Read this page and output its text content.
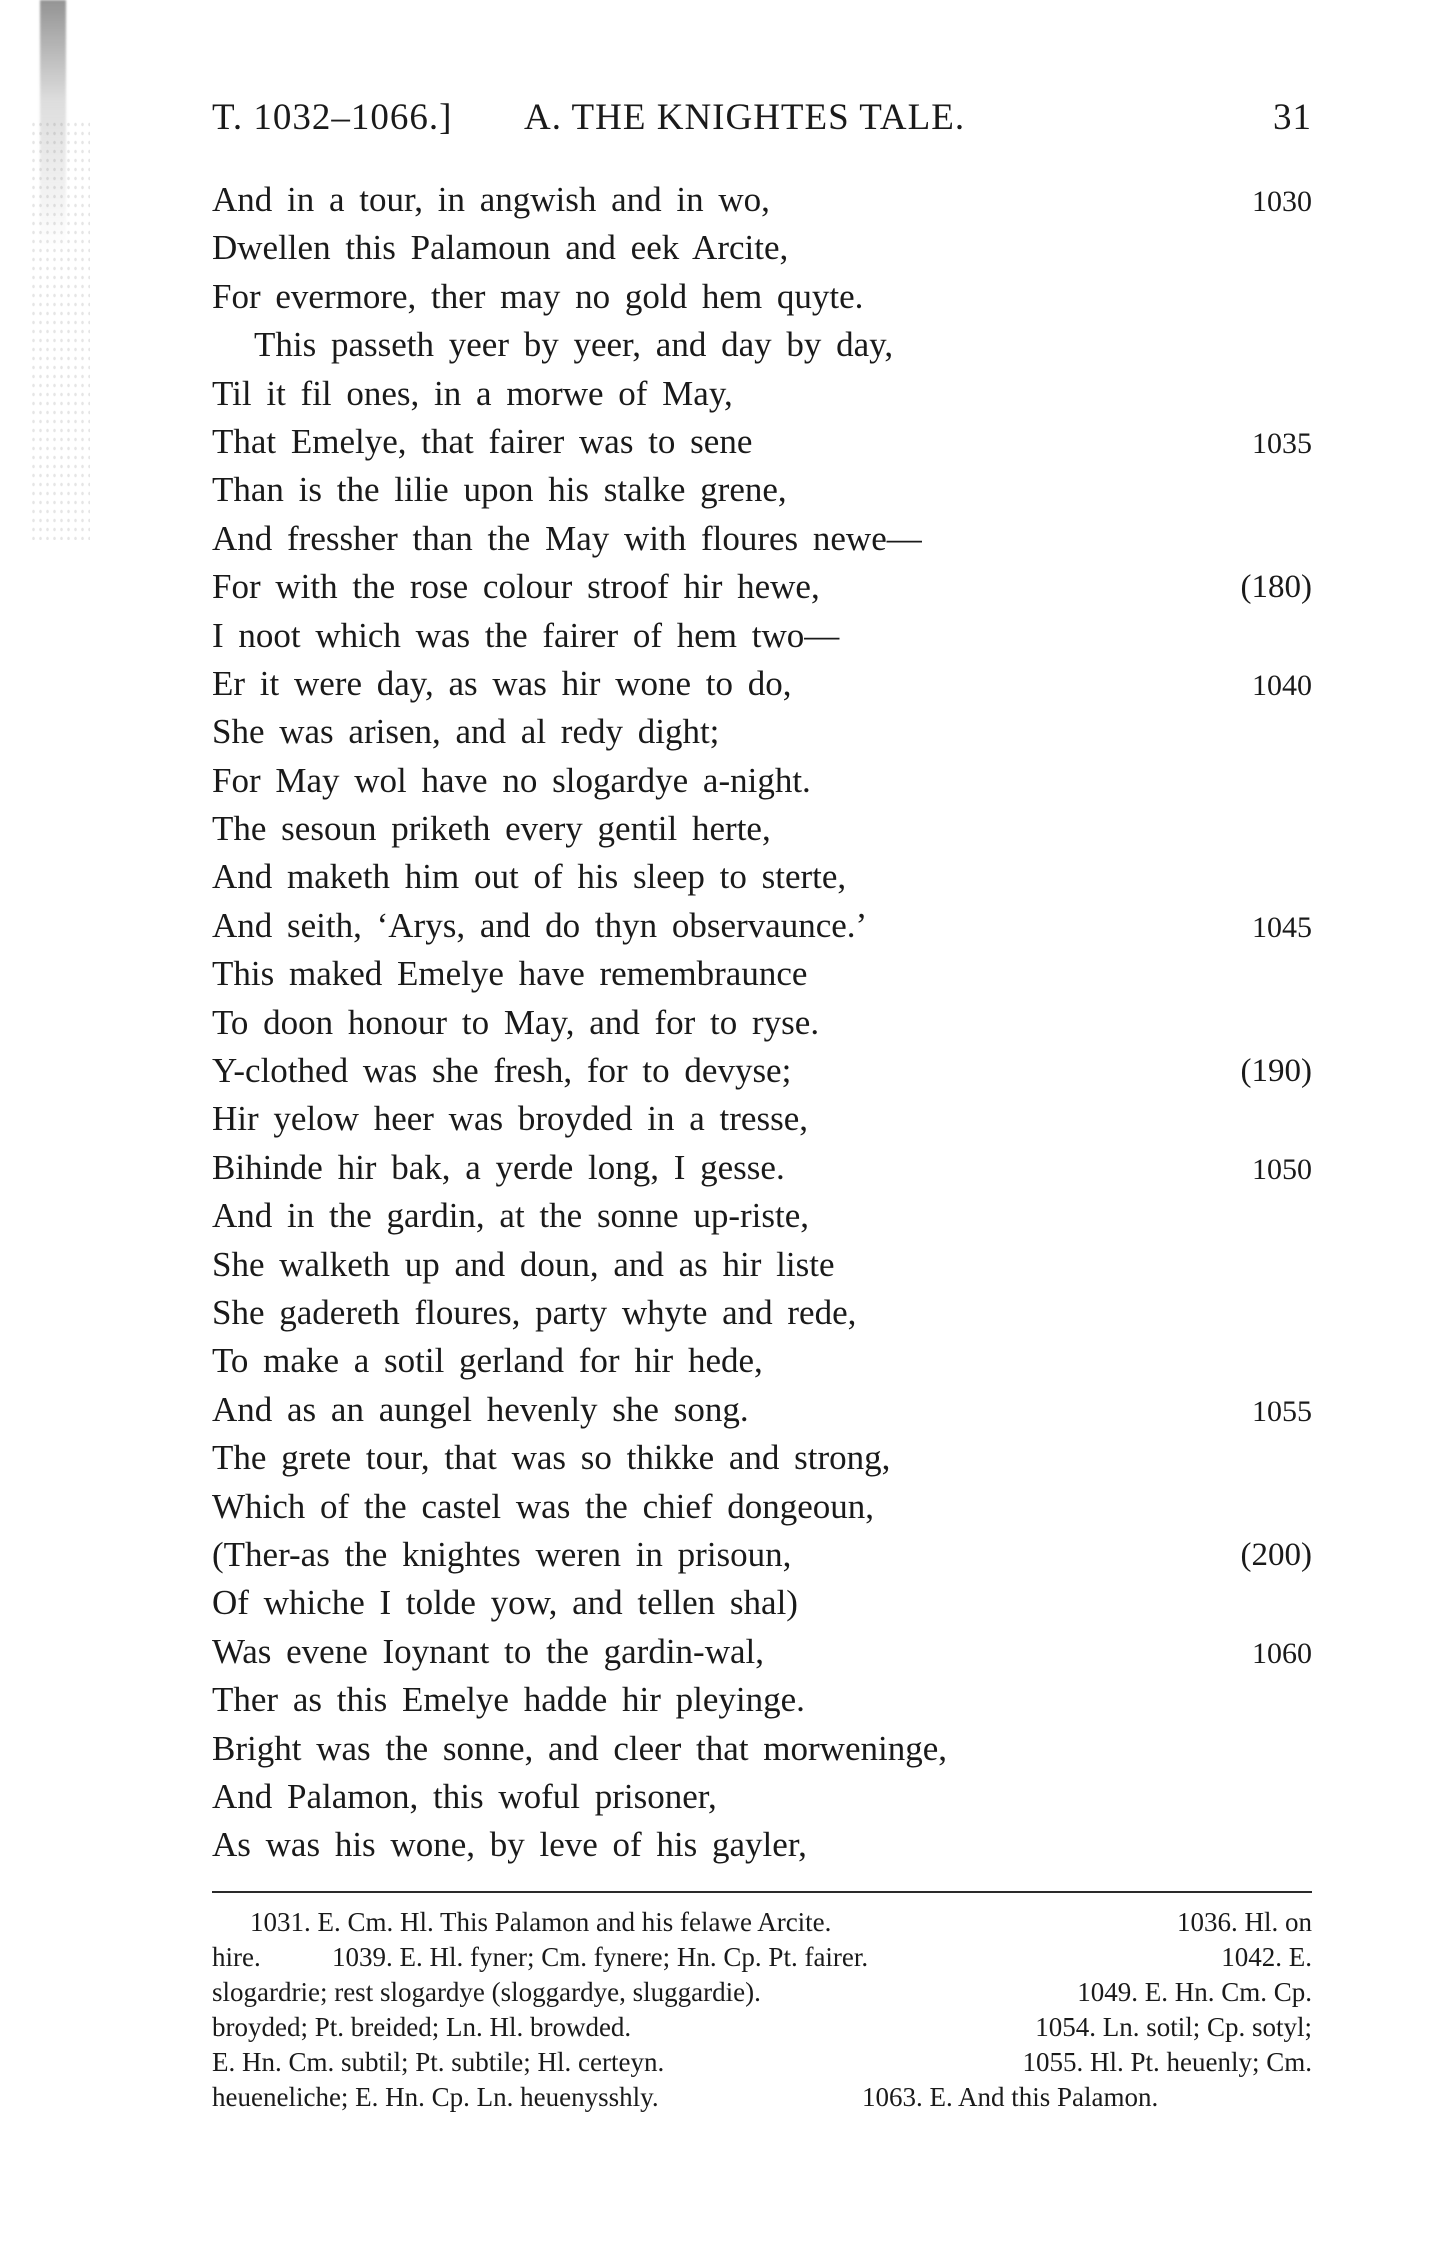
T. 1032–1066.] A. THE KNIGHTES TALE.	31
And in a tour, in angwish and in wo,	1030
Dwellen this Palamoun and eek Arcite,
For evermore, ther may no gold hem quyte.
This passeth yeer by yeer, and day by day,
Til it fil ones, in a morwe of May,
That Emelye, that fairer was to sene	1035
Than is the lilie upon his stalke grene,
And fressher than the May with floures newe—
For with the rose colour stroof hir hewe,	(180)
I noot which was the fairer of hem two—
Er it were day, as was hir wone to do,	1040
She was arisen, and al redy dight;
For May wol have no slogardye a-night.
The sesoun priketh every gentil herte,
And maketh him out of his sleep to sterte,
And seith, ‘Arys, and do thyn observaunce.’	1045
This maked Emelye have remembraunce
To doon honour to May, and for to ryse.
Y-clothed was she fresh, for to devyse;	(190)
Hir yelow heer was broyded in a tresse,
Bihinde hir bak, a yerde long, I gesse.	1050
And in the gardin, at the sonne up-riste,
She walketh up and doun, and as hir liste
She gadereth floures, party whyte and rede,
To make a sotil gerland for hir hede,
And as an aungel hevenly she song.	1055
The grete tour, that was so thikke and strong,
Which of the castel was the chief dongeoun,
(Ther-as the knightes weren in prisoun,	(200)
Of whiche I tolde yow, and tellen shal)
Was evene Ioynant to the gardin-wal,	1060
Ther as this Emelye hadde hir pleyinge.
Bright was the sonne, and cleer that morweninge,
And Palamon, this woful prisoner,
As was his wone, by leve of his gayler,
1031. E. Cm. Hl. This Palamon and his felawe Arcite.	1036. Hl. on
hire.	1039. E. Hl. fyner; Cm. fynere; Hn. Cp. Pt. fairer.	1042. E.
slogardrie; rest slogardye (sloggardye, sluggardie).	1049. E. Hn. Cm. Cp.
broyded; Pt. breided; Ln. Hl. browded.	1054. Ln. sotil; Cp. sotyl;
E. Hn. Cm. subtil; Pt. subtile; Hl. certeyn.	1055. Hl. Pt. heuenly; Cm.
heueneliche; E. Hn. Cp. Ln. heuenysshly.	1063. E. And this Palamon.
